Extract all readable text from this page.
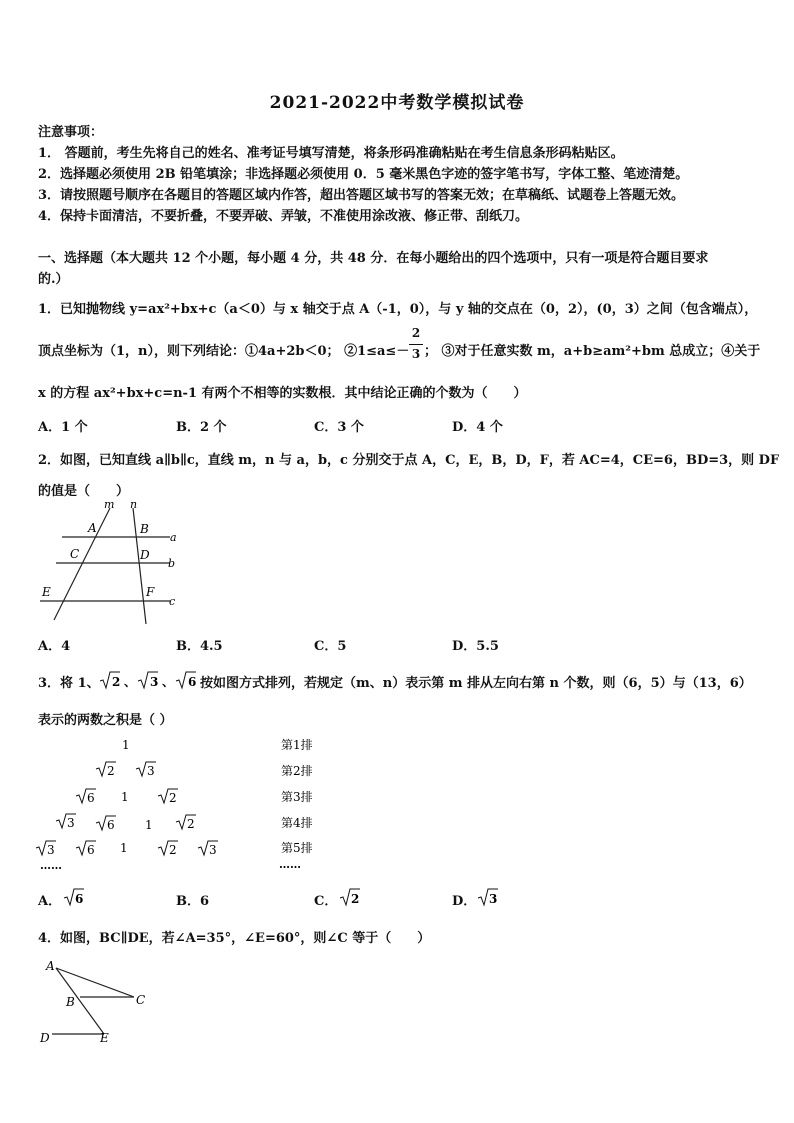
2021-2022中考数学模拟试卷
注意事项：
1． 答题前，考生先将自己的姓名、准考证号填写清楚，将条形码准确粘贴在考生信息条形码粘贴区。
2．选择题必须使用 2B 铅笔填涂；非选择题必须使用 0．5 毫米黑色字迹的签字笔书写，字体工整、笔迹清楚。
3．请按照题号顺序在各题目的答题区域内作答，超出答题区域书写的答案无效；在草稿纸、试题卷上答题无效。
4．保持卡面清洁，不要折叠，不要弄破、弄皱，不准使用涂改液、修正带、刮纸刀。
一、选择题（本大题共 12 个小题，每小题 4 分，共 48 分．在每小题给出的四个选项中，只有一项是符合题目要求
的.）
1．已知抛物线 y=ax²+bx+c（a＜0）与 x 轴交于点 A（-1，0），与 y 轴的交点在（0，2），(0，3）之间（包含端点），
顶点坐标为（1，n），则下列结论：①4a+2b＜0； ②1≤a≤－
2
3 ； ③对于任意实数 m，a+b≥am²+bm 总成立；④关于
x 的方程 ax²+bx+c=n-1 有两个不相等的实数根．其中结论正确的个数为（　　）
A．1 个	B．2 个	C．3 个	D．4 个
2．如图，已知直线 a∥b∥c，直线 m，n 与 a，b，c 分别交于点 A，C，E，B，D，F，若 AC=4，CE=6，BD=3，则 DF
的值是（　　）
m n
A	B
a
C	D
b
E	F
c
A．4	B．4.5	C．5	D．5.5
3．将 1、 2 、 3 、 6 按如图方式排列，若规定（m、n）表示第 m 排从左向右第 n 个数，则（6，5）与（13，6）
表示的两数之积是（ ）
1
2	3
6 1	2
3	6	1	2
3	6 1	2	3
……
第1排
第2排
第3排
第4排
第5排
……
A． 6	B．6	C． 2	D． 3
4．如图，BC∥DE，若∠A=35°，∠E=60°，则∠C 等于（　　）
A
B	C
D	E
